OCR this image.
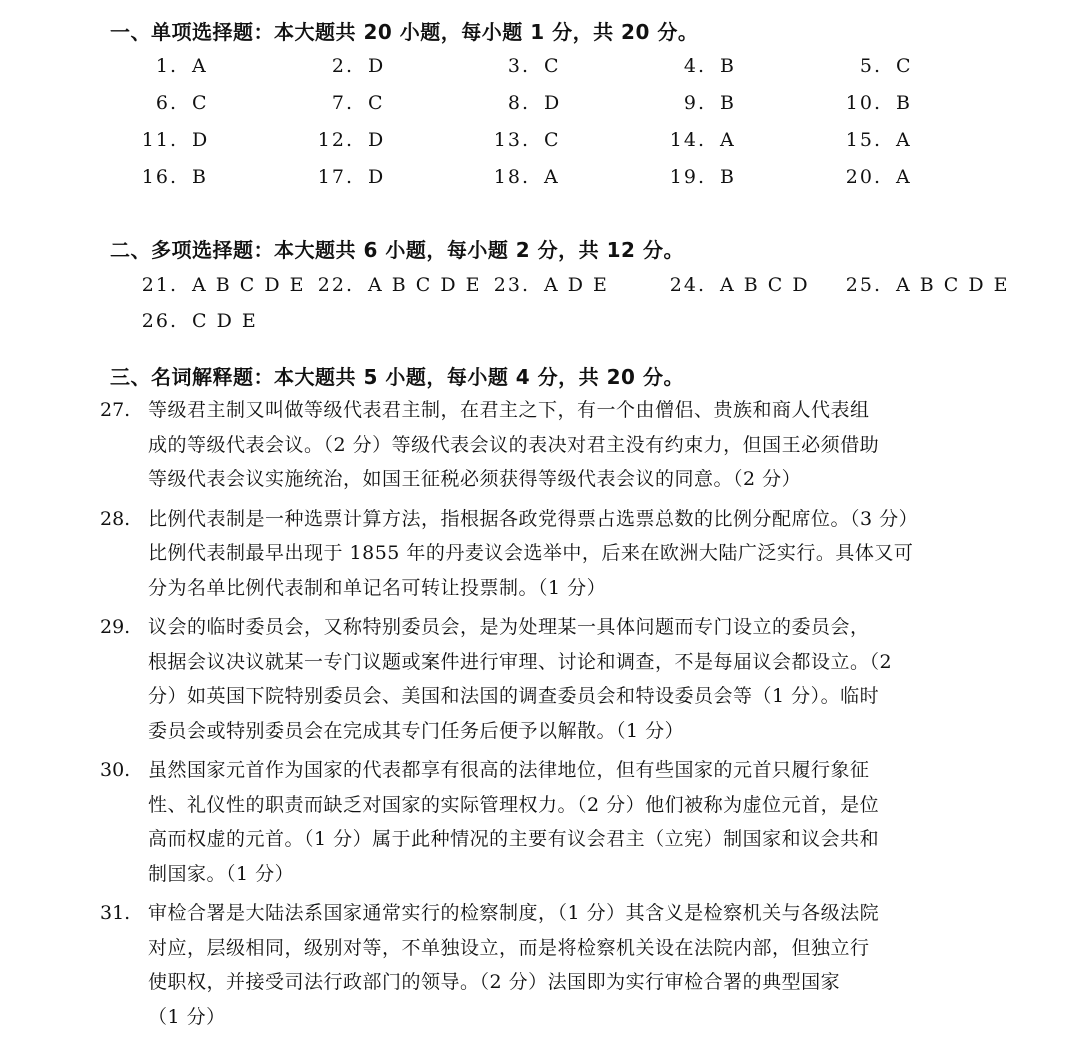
一、单项选择题：本大题共 20 小题，每小题 1 分，共 20 分。
1. A	2. D	3. C	4. B	5. C
6. C	7. C	8. D	9. B	10. B
11. D	12. D	13. C	14. A	15. A
16. B	17. D	18. A	19. B	20. A
二、多项选择题：本大题共 6 小题，每小题 2 分，共 12 分。
21. A B C D E 22. A B C D E 23. A D E	24. A B C D	25. A B C D E
26. C D E
三、名词解释题：本大题共 5 小题，每小题 4 分，共 20 分。
27. 等级君主制又叫做等级代表君主制，在君主之下，有一个由僧侣、贵族和商人代表组
成的等级代表会议。（2 分）等级代表会议的表决对君主没有约束力，但国王必须借助
等级代表会议实施统治，如国王征税必须获得等级代表会议的同意。（2 分）
28. 比例代表制是一种选票计算方法，指根据各政党得票占选票总数的比例分配席位。（3 分）
比例代表制最早出现于 1855 年的丹麦议会选举中，后来在欧洲大陆广泛实行。具体又可
分为名单比例代表制和单记名可转让投票制。（1 分）
29. 议会的临时委员会，又称特别委员会，是为处理某一具体问题而专门设立的委员会，
根据会议决议就某一专门议题或案件进行审理、讨论和调查，不是每届议会都设立。（2
分）如英国下院特别委员会、美国和法国的调查委员会和特设委员会等（1 分）。临时
委员会或特别委员会在完成其专门任务后便予以解散。（1 分）
30. 虽然国家元首作为国家的代表都享有很高的法律地位，但有些国家的元首只履行象征
性、礼仪性的职责而缺乏对国家的实际管理权力。（2 分）他们被称为虚位元首，是位
高而权虚的元首。（1 分）属于此种情况的主要有议会君主（立宪）制国家和议会共和
制国家。（1 分）
31. 审检合署是大陆法系国家通常实行的检察制度，（1 分）其含义是检察机关与各级法院
对应，层级相同，级别对等，不单独设立，而是将检察机关设在法院内部，但独立行
使职权，并接受司法行政部门的领导。（2 分）法国即为实行审检合署的典型国家
（1 分）
